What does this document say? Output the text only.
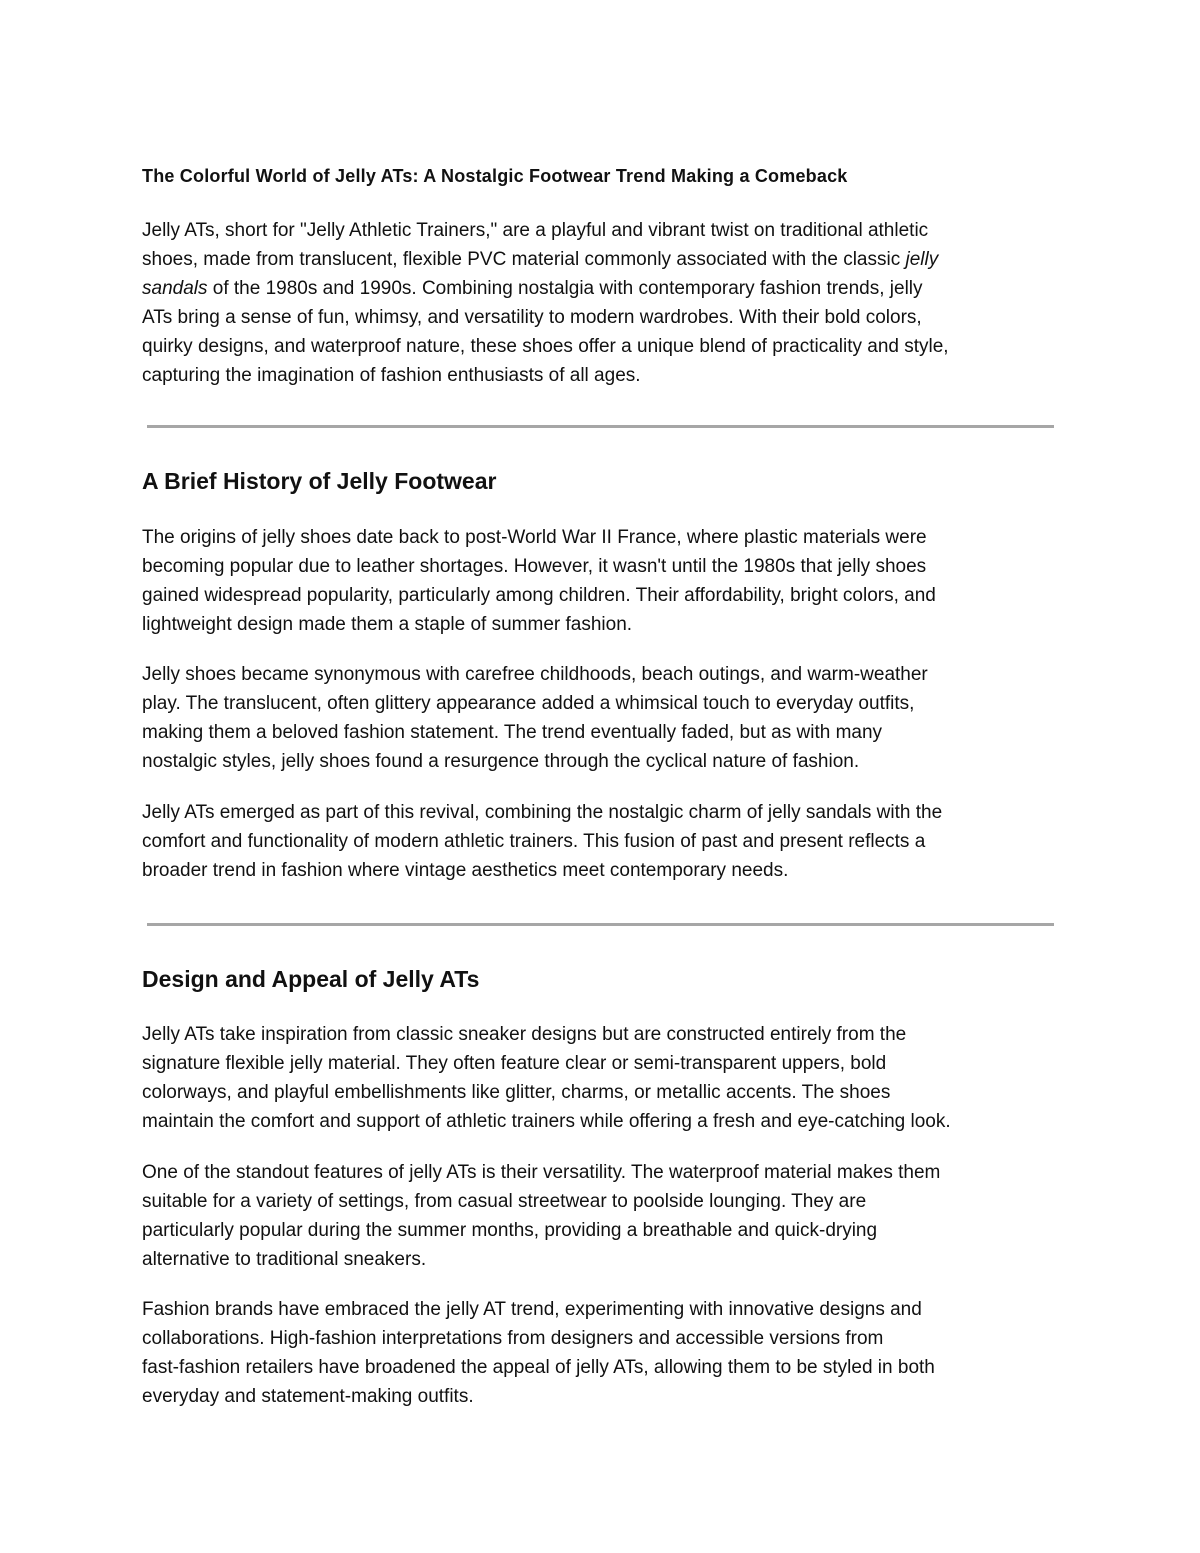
The Colorful World of Jelly ATs: A Nostalgic Footwear Trend Making a Comeback

Jelly ATs, short for "Jelly Athletic Trainers," are a playful and vibrant twist on traditional athletic
shoes, made from translucent, flexible PVC material commonly associated with the classic jelly
sandals of the 1980s and 1990s. Combining nostalgia with contemporary fashion trends, jelly
ATs bring a sense of fun, whimsy, and versatility to modern wardrobes. With their bold colors,
quirky designs, and waterproof nature, these shoes offer a unique blend of practicality and style,
capturing the imagination of fashion enthusiasts of all ages.

A Brief History of Jelly Footwear

The origins of jelly shoes date back to post-World War II France, where plastic materials were
becoming popular due to leather shortages. However, it wasn't until the 1980s that jelly shoes
gained widespread popularity, particularly among children. Their affordability, bright colors, and
lightweight design made them a staple of summer fashion.

Jelly shoes became synonymous with carefree childhoods, beach outings, and warm-weather
play. The translucent, often glittery appearance added a whimsical touch to everyday outfits,
making them a beloved fashion statement. The trend eventually faded, but as with many
nostalgic styles, jelly shoes found a resurgence through the cyclical nature of fashion.

Jelly ATs emerged as part of this revival, combining the nostalgic charm of jelly sandals with the
comfort and functionality of modern athletic trainers. This fusion of past and present reflects a
broader trend in fashion where vintage aesthetics meet contemporary needs.

Design and Appeal of Jelly ATs

Jelly ATs take inspiration from classic sneaker designs but are constructed entirely from the
signature flexible jelly material. They often feature clear or semi-transparent uppers, bold
colorways, and playful embellishments like glitter, charms, or metallic accents. The shoes
maintain the comfort and support of athletic trainers while offering a fresh and eye-catching look.

One of the standout features of jelly ATs is their versatility. The waterproof material makes them
suitable for a variety of settings, from casual streetwear to poolside lounging. They are
particularly popular during the summer months, providing a breathable and quick-drying
alternative to traditional sneakers.

Fashion brands have embraced the jelly AT trend, experimenting with innovative designs and
collaborations. High-fashion interpretations from designers and accessible versions from
fast-fashion retailers have broadened the appeal of jelly ATs, allowing them to be styled in both
everyday and statement-making outfits.
